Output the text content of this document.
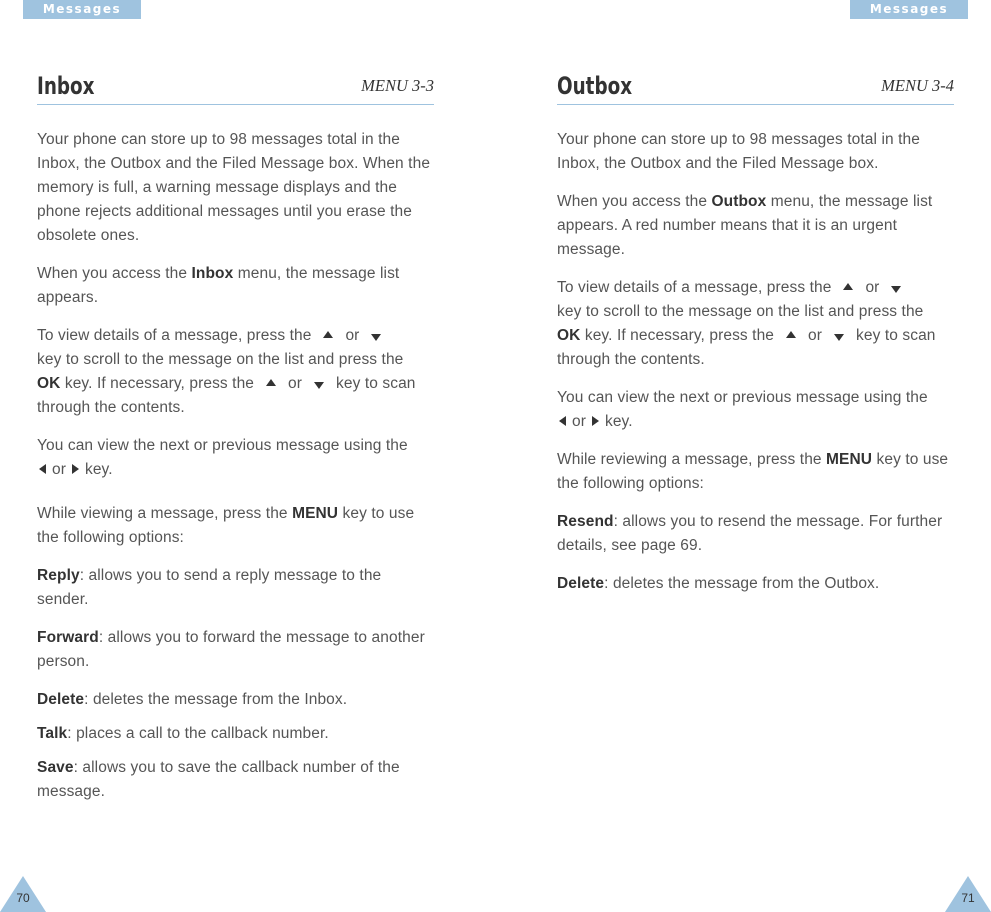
Messages	Messages
Inbox	MENU 3-3

Your phone can store up to 98 messages total in the Inbox, the Outbox and the Filed Message box. When the memory is full, a warning message displays and the phone rejects additional messages until you erase the obsolete ones.

When you access the Inbox menu, the message list appears.

To view details of a message, press the or
key to scroll to the message on the list and press the
OK key. If necessary, press the or key to scan through the contents.

You can view the next or previous message using the
or key.

While viewing a message, press the MENU key to use the following options:

Reply: allows you to send a reply message to the sender.

Forward: allows you to forward the message to another person.

Delete: deletes the message from the Inbox.

Talk: places a call to the callback number.

Save: allows you to save the callback number of the message.

Outbox	MENU 3-4

Your phone can store up to 98 messages total in the Inbox, the Outbox and the Filed Message box.

When you access the Outbox menu, the message list appears. A red number means that it is an urgent message.

To view details of a message, press the or
key to scroll to the message on the list and press the
OK key. If necessary, press the or key to scan through the contents.

You can view the next or previous message using the
or key.

While reviewing a message, press the MENU key to use the following options:

Resend: allows you to resend the message. For further details, see page 69.

Delete: deletes the message from the Outbox.

70	71
